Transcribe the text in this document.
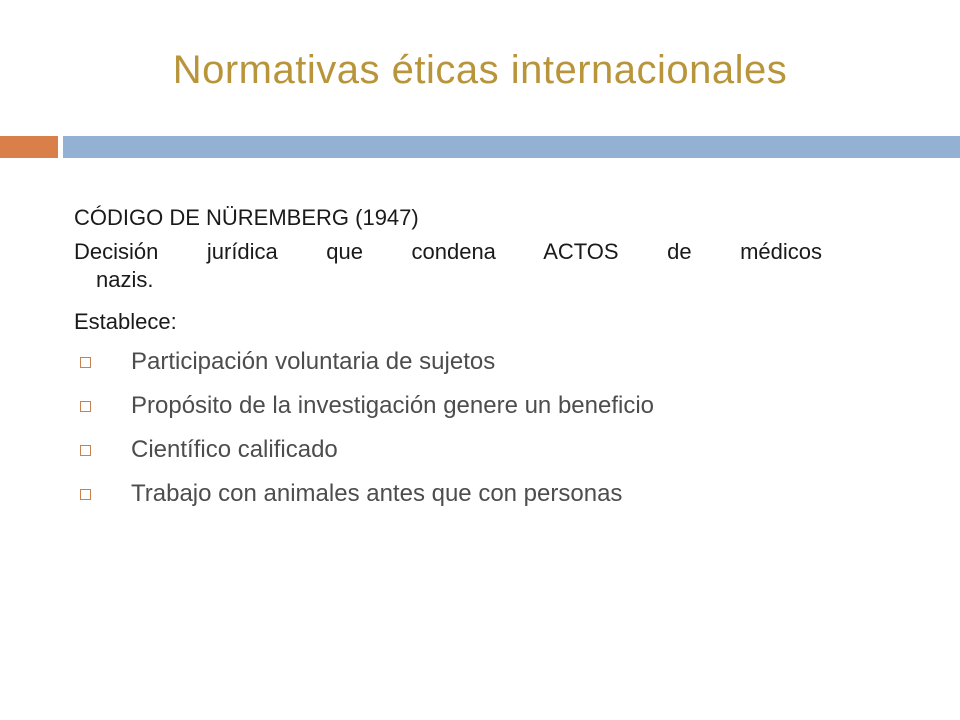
Normativas éticas internacionales
CÓDIGO DE NÜREMBERG (1947)
Decisión jurídica que condena ACTOS de médicos
nazis.
Establece:
Participación voluntaria de sujetos
Propósito de la investigación genere un beneficio
Científico calificado
Trabajo con animales antes que con personas
